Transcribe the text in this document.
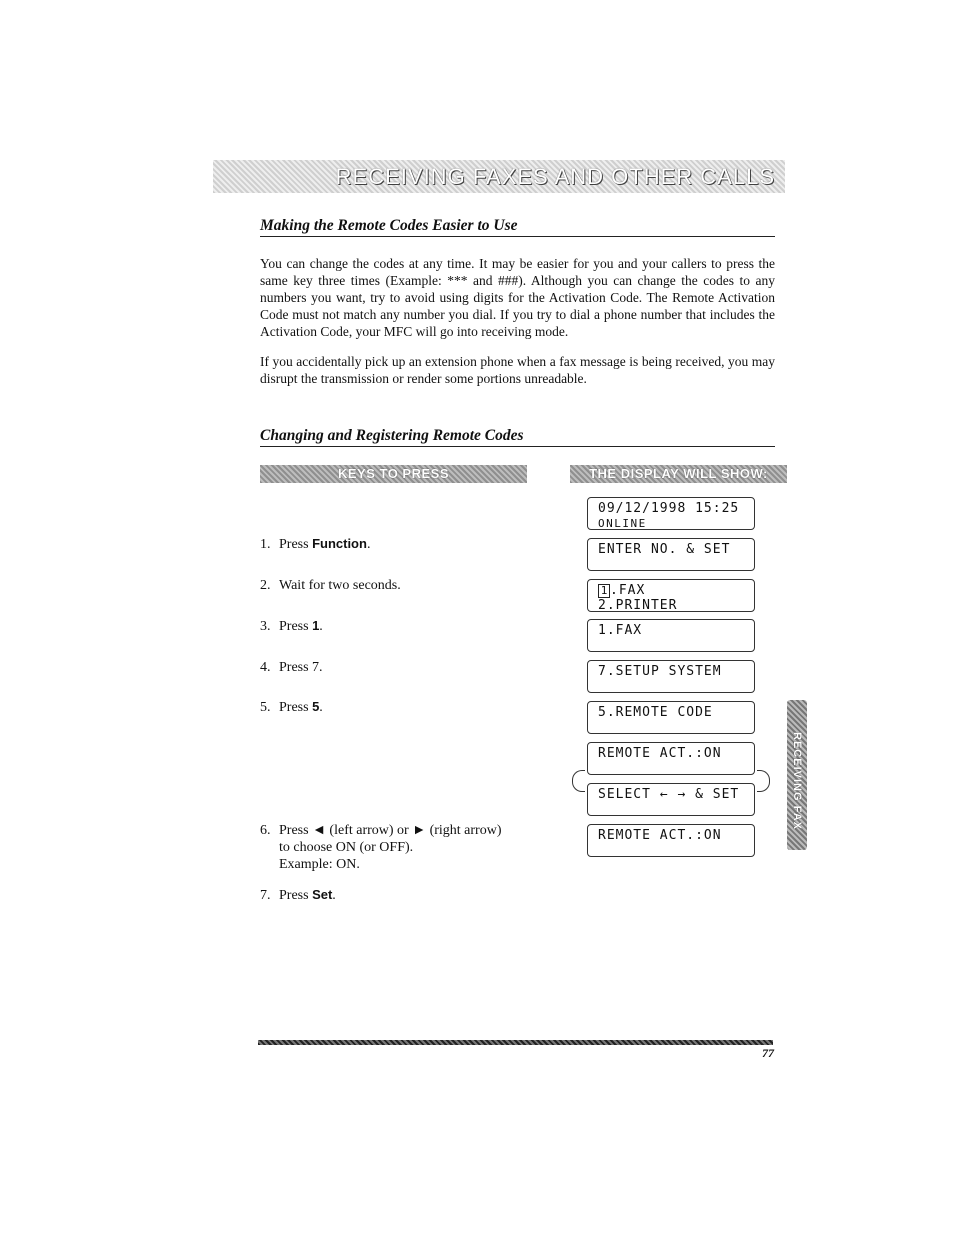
RECEIVING FAXES AND OTHER CALLS
Making the Remote Codes Easier to Use

You can change the codes at any time. It may be easier for you and your callers to press the same key three times (Example: *** and ###). Although you can change the codes to any numbers you want, try to avoid using digits for the Activation Code. The Remote Activation Code must not match any number you dial. If you try to dial a phone number that includes the Activation Code, your MFC will go into receiving mode.

If you accidentally pick up an extension phone when a fax message is being received, you may disrupt the transmission or render some portions unreadable.

Changing and Registering Remote Codes
KEYS TO PRESS	THE DISPLAY WILL SHOW:
1. Press Function.
2. Wait for two seconds.
3. Press 1.
4. Press 7.
5. Press 5.
6. Press ◄ (left arrow) or ► (right arrow)
to choose ON (or OFF).
Example: ON.
7. Press Set.
09/12/1998 15:25
ONLINE
ENTER NO. & SET
1 .FAX
2.PRINTER
1.FAX
7.SETUP SYSTEM
5.REMOTE CODE
REMOTE ACT.:ON
SELECT ← → & SET
REMOTE ACT.:ON
RECEIVING FAX
77
